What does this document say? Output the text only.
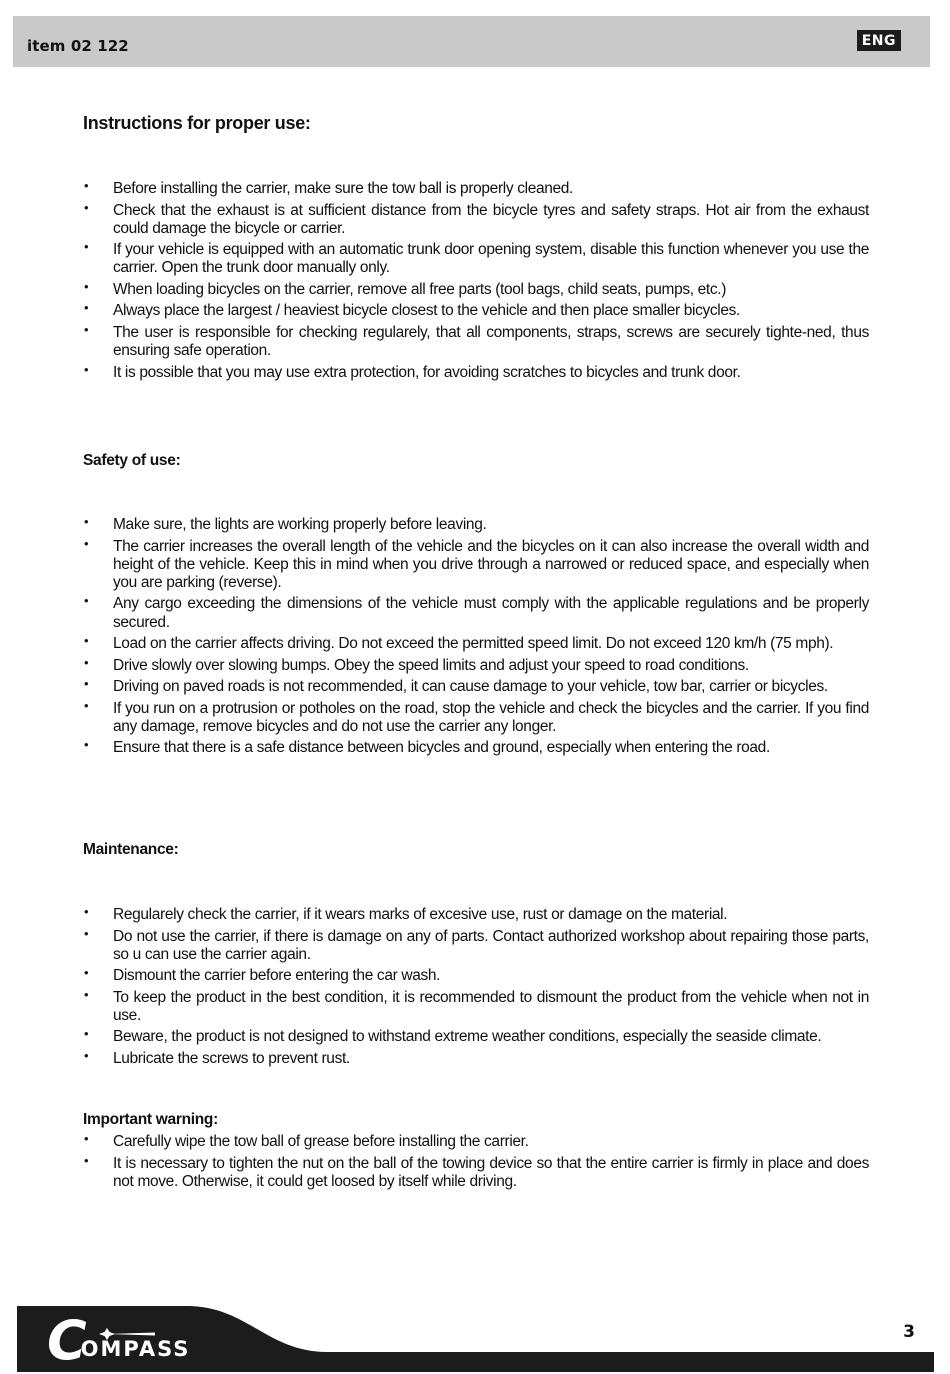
item 02 122	ENG
Instructions for proper use:
• Before installing the carrier, make sure the tow ball is properly cleaned.
• Check that the exhaust is at sufficient distance from the bicycle tyres and safety straps. Hot air from the exhaust could damage the bicycle or carrier.
• If your vehicle is equipped with an automatic trunk door opening system, disable this function whenever you use the carrier. Open the trunk door manually only.
• When loading bicycles on the carrier, remove all free parts (tool bags, child seats, pumps, etc.)
• Always place the largest / heaviest bicycle closest to the vehicle and then place smaller bicycles.
• The user is responsible for checking regularely, that all components, straps, screws are securely tighte-ned, thus ensuring safe operation.
• It is possible that you may use extra protection, for avoiding scratches to bicycles and trunk door.
Safety of use:
• Make sure, the lights are working properly before leaving.
• The carrier increases the overall length of the vehicle and the bicycles on it can also increase the overall width and height of the vehicle. Keep this in mind when you drive through a narrowed or reduced space, and especially when you are parking (reverse).
• Any cargo exceeding the dimensions of the vehicle must comply with the applicable regulations and be properly secured.
• Load on the carrier affects driving. Do not exceed the permitted speed limit. Do not exceed 120 km/h (75 mph).
• Drive slowly over slowing bumps. Obey the speed limits and adjust your speed to road conditions.
• Driving on paved roads is not recommended, it can cause damage to your vehicle, tow bar, carrier or bicycles.
• If you run on a protrusion or potholes on the road, stop the vehicle and check the bicycles and the carrier. If you find any damage, remove bicycles and do not use the carrier any longer.
• Ensure that there is a safe distance between bicycles and ground, especially when entering the road.
Maintenance:
• Regularely check the carrier, if it wears marks of excesive use, rust or damage on the material.
• Do not use the carrier, if there is damage on any of parts. Contact authorized workshop about repairing those parts, so u can use the carrier again.
• Dismount the carrier before entering the car wash.
• To keep the product in the best condition, it is recommended to dismount the product from the vehicle when not in use.
• Beware, the product is not designed to withstand extreme weather conditions, especially the seaside climate.
• Lubricate the screws to prevent rust.
Important warning:
• Carefully wipe the tow ball of grease before installing the carrier.
• It is necessary to tighten the nut on the ball of the towing device so that the entire carrier is firmly in place and does not move. Otherwise, it could get loosed by itself while driving.
COMPASS
3
